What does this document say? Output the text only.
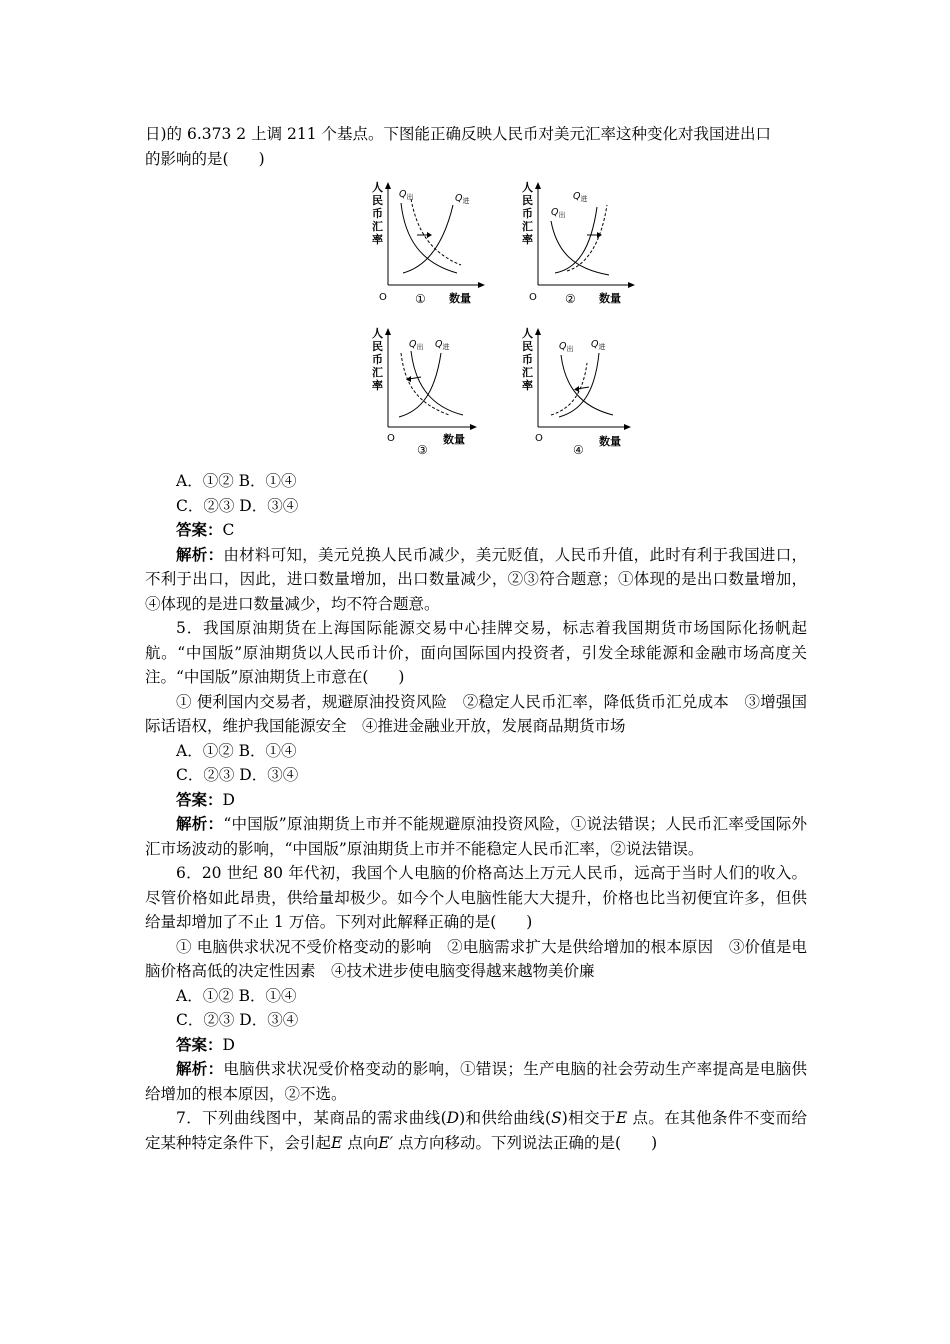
日)的 6.373 2 上调 211 个基点。下图能正确反映人民币对美元汇率这种变化对我国进出口
的影响的是( )

人
民
币
汇
率
O	数量
$Q_出$	$Q_进$
①
人
民
币
汇
率
O	数量
$Q_进$
$Q_出$
②
人
民
币
汇
率
O	数量
$Q_出$ $Q_进$
③
人
民
币
汇
率
O	数量
$Q_出$ $Q_进$
④

A．①② B．①④

C．②③ D．③④

答案：C

解析：由材料可知，美元兑换人民币减少，美元贬值，人民币升值，此时有利于我国进口，不利于出口，因此，进口数量增加，出口数量减少，②③符合题意；①体现的是出口数量增加，④体现的是进口数量减少，均不符合题意。

5．我国原油期货在上海国际能源交易中心挂牌交易，标志着我国期货市场国际化扬帆起航。“中国版”原油期货以人民币计价，面向国际国内投资者，引发全球能源和金融市场高度关注。“中国版”原油期货上市意在( )

① 便利国内交易者，规避原油投资风险　②稳定人民币汇率，降低货币汇兑成本　③增强国际话语权，维护我国能源安全　④推进金融业开放，发展商品期货市场

A．①② B．①④

C．②③ D．③④

答案：D

解析：“中国版”原油期货上市并不能规避原油投资风险，①说法错误；人民币汇率受国际外汇市场波动的影响，“中国版”原油期货上市并不能稳定人民币汇率，②说法错误。

6．20 世纪 80 年代初，我国个人电脑的价格高达上万元人民币，远高于当时人们的收入。尽管价格如此昂贵，供给量却极少。如今个人电脑性能大大提升，价格也比当初便宜许多，但供给量却增加了不止 1 万倍。下列对此解释正确的是( )

① 电脑供求状况不受价格变动的影响　②电脑需求扩大是供给增加的根本原因　③价值是电脑价格高低的决定性因素　④技术进步使电脑变得越来越物美价廉

A．①② B．①④

C．②③ D．③④

答案：D

解析：电脑供求状况受价格变动的影响，①错误；生产电脑的社会劳动生产率提高是电脑供给增加的根本原因，②不选。

7．下列曲线图中，某商品的需求曲线(D)和供给曲线(S)相交于E 点。在其他条件不变而给定某种特定条件下，会引起E 点向E′ 点方向移动。下列说法正确的是( )
